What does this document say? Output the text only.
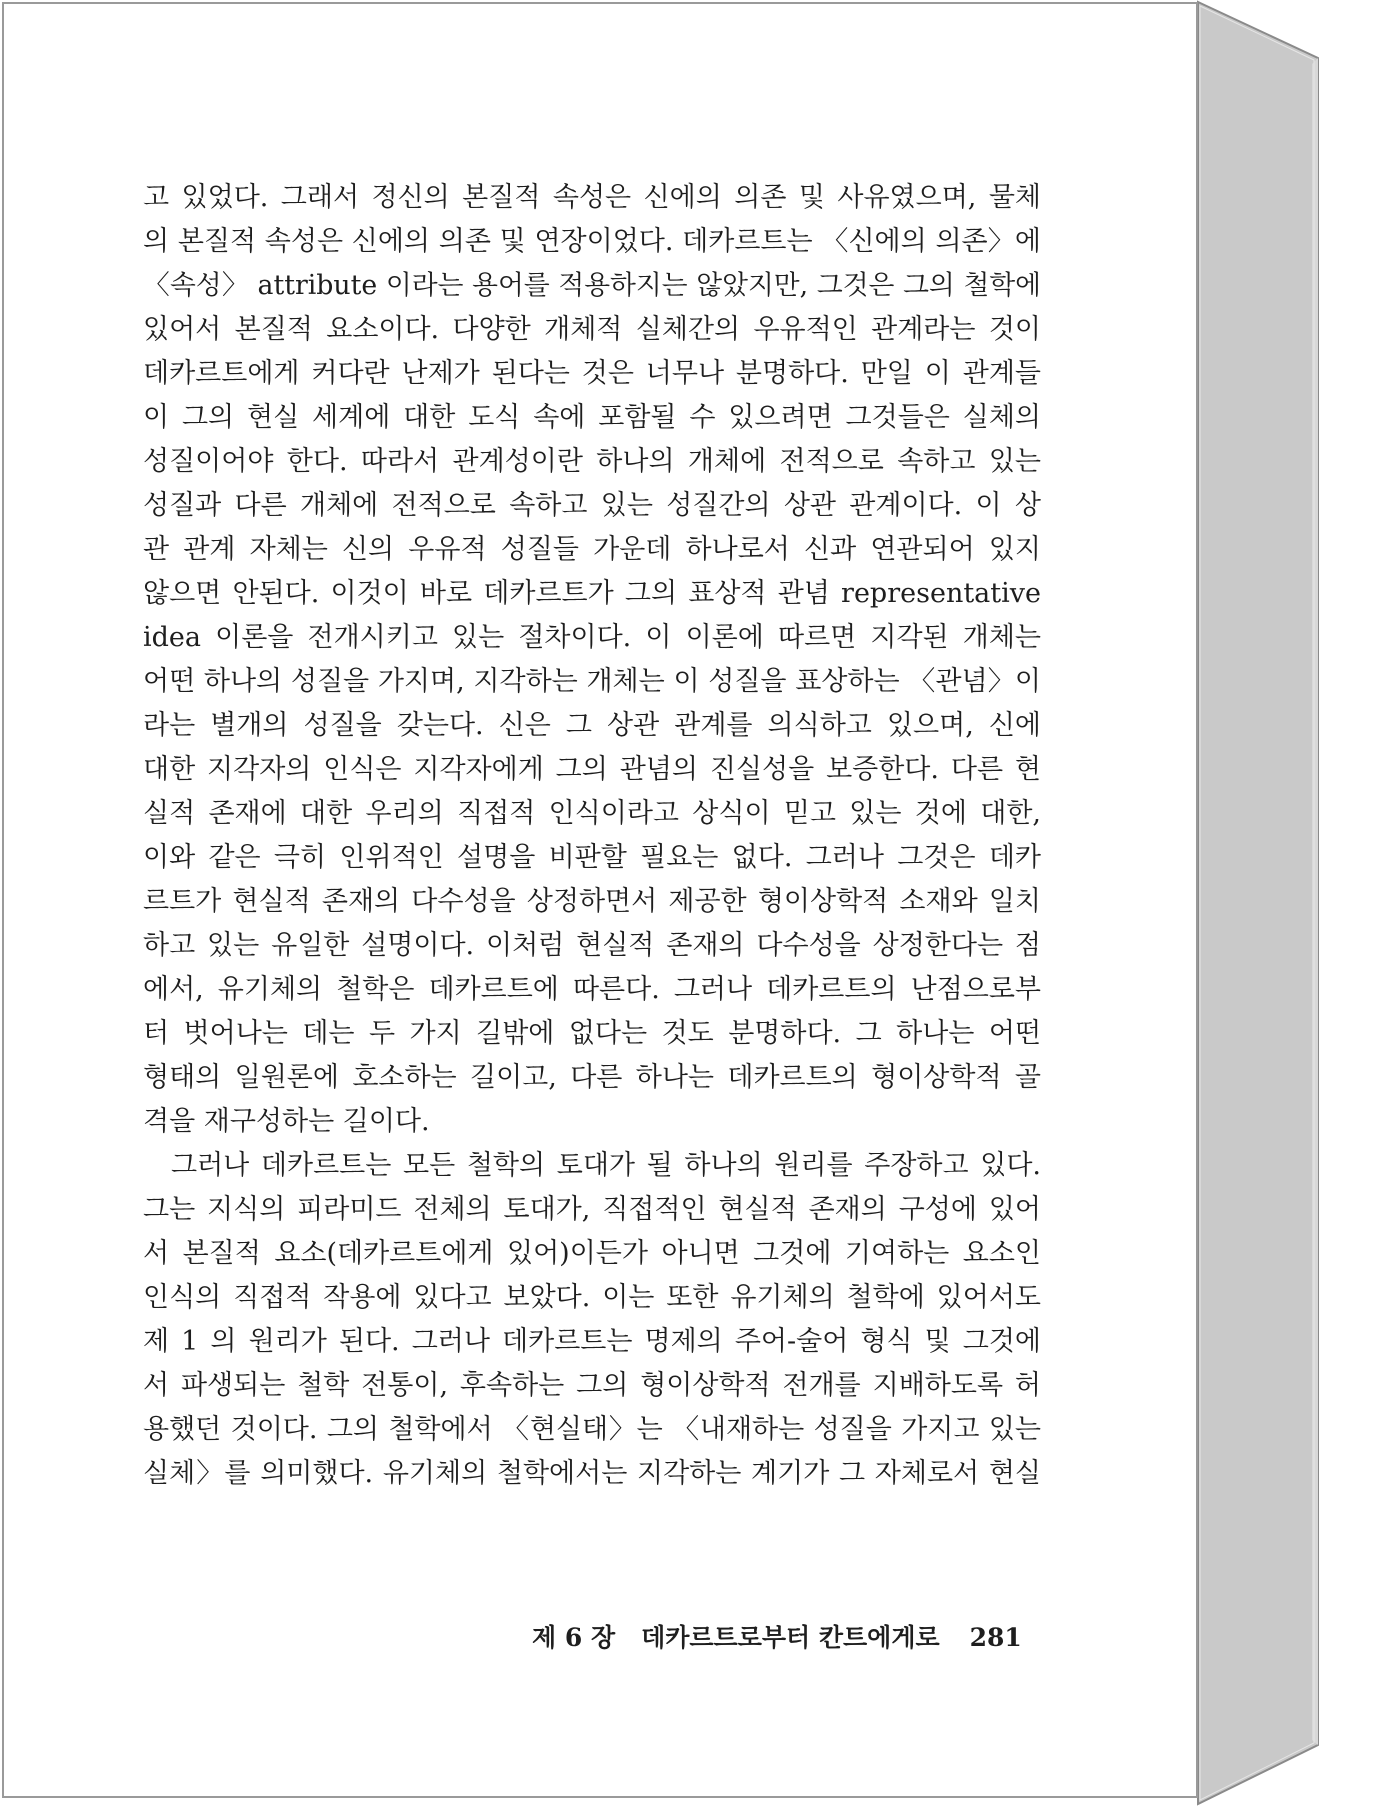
고 있었다. 그래서 정신의 본질적 속성은 신에의 의존 및 사유였으며, 물체
의 본질적 속성은 신에의 의존 및 연장이었다. 데카르트는 〈신에의 의존〉에
〈속성〉 attribute 이라는 용어를 적용하지는 않았지만, 그것은 그의 철학에
있어서 본질적 요소이다. 다양한 개체적 실체간의 우유적인 관계라는 것이
데카르트에게 커다란 난제가 된다는 것은 너무나 분명하다. 만일 이 관계들
이 그의 현실 세계에 대한 도식 속에 포함될 수 있으려면 그것들은 실체의
성질이어야 한다. 따라서 관계성이란 하나의 개체에 전적으로 속하고 있는
성질과 다른 개체에 전적으로 속하고 있는 성질간의 상관 관계이다. 이 상
관 관계 자체는 신의 우유적 성질들 가운데 하나로서 신과 연관되어 있지
않으면 안된다. 이것이 바로 데카르트가 그의 표상적 관념 representative
idea 이론을 전개시키고 있는 절차이다. 이 이론에 따르면 지각된 개체는
어떤 하나의 성질을 가지며, 지각하는 개체는 이 성질을 표상하는 〈관념〉이
라는 별개의 성질을 갖는다. 신은 그 상관 관계를 의식하고 있으며, 신에
대한 지각자의 인식은 지각자에게 그의 관념의 진실성을 보증한다. 다른 현
실적 존재에 대한 우리의 직접적 인식이라고 상식이 믿고 있는 것에 대한,
이와 같은 극히 인위적인 설명을 비판할 필요는 없다. 그러나 그것은 데카
르트가 현실적 존재의 다수성을 상정하면서 제공한 형이상학적 소재와 일치
하고 있는 유일한 설명이다. 이처럼 현실적 존재의 다수성을 상정한다는 점
에서, 유기체의 철학은 데카르트에 따른다. 그러나 데카르트의 난점으로부
터 벗어나는 데는 두 가지 길밖에 없다는 것도 분명하다. 그 하나는 어떤
형태의 일원론에 호소하는 길이고, 다른 하나는 데카르트의 형이상학적 골
격을 재구성하는 길이다.
그러나 데카르트는 모든 철학의 토대가 될 하나의 원리를 주장하고 있다.
그는 지식의 피라미드 전체의 토대가, 직접적인 현실적 존재의 구성에 있어
서 본질적 요소(데카르트에게 있어)이든가 아니면 그것에 기여하는 요소인
인식의 직접적 작용에 있다고 보았다. 이는 또한 유기체의 철학에 있어서도
제 1 의 원리가 된다. 그러나 데카르트는 명제의 주어-술어 형식 및 그것에
서 파생되는 철학 전통이, 후속하는 그의 형이상학적 전개를 지배하도록 허
용했던 것이다. 그의 철학에서 〈현실태〉는 〈내재하는 성질을 가지고 있는
실체〉를 의미했다. 유기체의 철학에서는 지각하는 계기가 그 자체로서 현실
제 6 장 데카르트로부터 칸트에게로 281
